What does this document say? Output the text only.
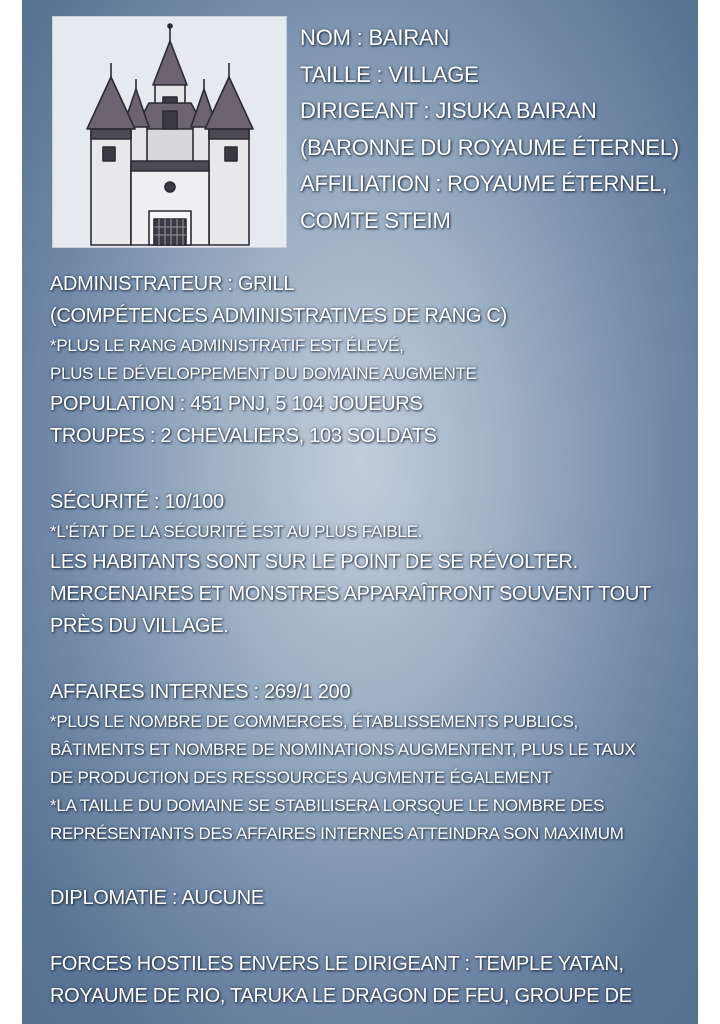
NOM : BAIRAN
TAILLE : VILLAGE
DIRIGEANT : JISUKA BAIRAN
(BARONNE DU ROYAUME ÉTERNEL)
AFFILIATION : ROYAUME ÉTERNEL,
COMTE STEIM
ADMINISTRATEUR : GRILL
(COMPÉTENCES ADMINISTRATIVES DE RANG C)
*PLUS LE RANG ADMINISTRATIF EST ÉLEVÉ,
PLUS LE DÉVELOPPEMENT DU DOMAINE AUGMENTE
POPULATION : 451 PNJ, 5 104 JOUEURS
TROUPES : 2 CHEVALIERS, 103 SOLDATS
SÉCURITÉ : 10/100
*L'ÉTAT DE LA SÉCURITÉ EST AU PLUS FAIBLE.
LES HABITANTS SONT SUR LE POINT DE SE RÉVOLTER.
MERCENAIRES ET MONSTRES APPARAÎTRONT SOUVENT TOUT
PRÈS DU VILLAGE.
AFFAIRES INTERNES : 269/1 200
*PLUS LE NOMBRE DE COMMERCES, ÉTABLISSEMENTS PUBLICS,
BÂTIMENTS ET NOMBRE DE NOMINATIONS AUGMENTENT, PLUS LE TAUX
DE PRODUCTION DES RESSOURCES AUGMENTE ÉGALEMENT
*LA TAILLE DU DOMAINE SE STABILISERA LORSQUE LE NOMBRE DES
REPRÉSENTANTS DES AFFAIRES INTERNES ATTEINDRA SON MAXIMUM
DIPLOMATIE : AUCUNE
FORCES HOSTILES ENVERS LE DIRIGEANT : TEMPLE YATAN,
ROYAUME DE RIO, TARUKA LE DRAGON DE FEU, GROUPE DE
